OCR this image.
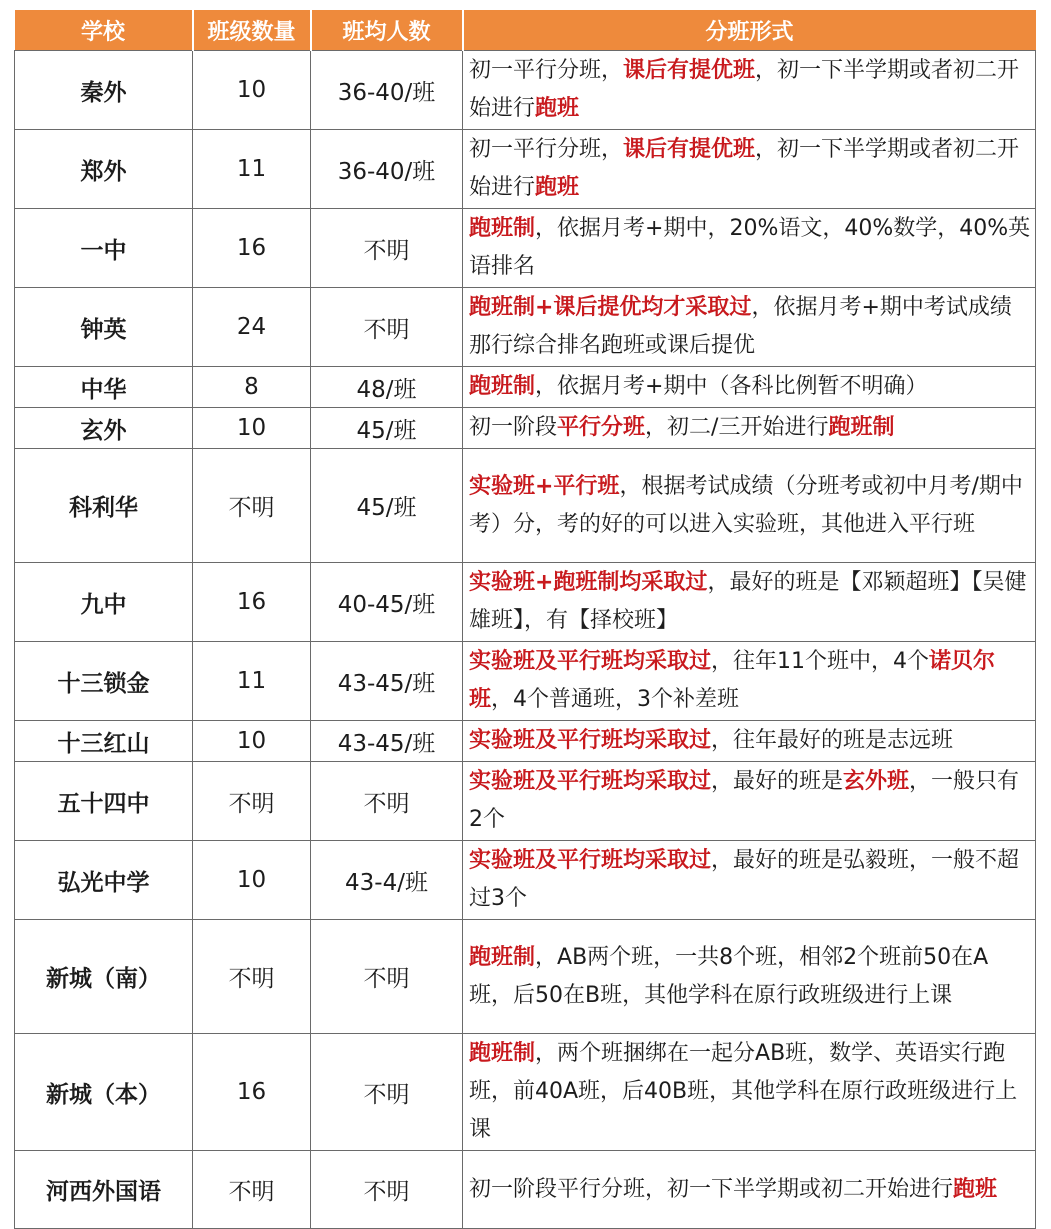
学校	班级数量	班均人数	分班形式
秦外	10	36-40/班	初一平行分班，课后有提优班，初一下半学期或者初二开始进行跑班
郑外	11	36-40/班	初一平行分班，课后有提优班，初一下半学期或者初二开始进行跑班
一中	16	不明	跑班制，依据月考+期中，20%语文，40%数学，40%英语排名
钟英	24	不明	跑班制+课后提优均才采取过，依据月考+期中考试成绩那行综合排名跑班或课后提优
中华	8	48/班	跑班制，依据月考+期中（各科比例暂不明确）
玄外	10	45/班	初一阶段平行分班，初二/三开始进行跑班制
科利华	不明	45/班	实验班+平行班，根据考试成绩（分班考或初中月考/期中考）分，考的好的可以进入实验班，其他进入平行班
九中	16	40-45/班	实验班+跑班制均采取过，最好的班是【邓颖超班】【吴健雄班】，有【择校班】
十三锁金	11	43-45/班	实验班及平行班均采取过，往年11个班中，4个诺贝尔班，4个普通班，3个补差班
十三红山	10	43-45/班	实验班及平行班均采取过，往年最好的班是志远班
五十四中	不明	不明	实验班及平行班均采取过，最好的班是玄外班，一般只有2个
弘光中学	10	43-4/班	实验班及平行班均采取过，最好的班是弘毅班，一般不超过3个
新城（南）	不明	不明	跑班制，AB两个班，一共8个班，相邻2个班前50在A班，后50在B班，其他学科在原行政班级进行上课
新城（本）	16	不明	跑班制，两个班捆绑在一起分AB班，数学、英语实行跑班，前40A班，后40B班，其他学科在原行政班级进行上课
河西外国语	不明	不明	初一阶段平行分班，初一下半学期或初二开始进行跑班
